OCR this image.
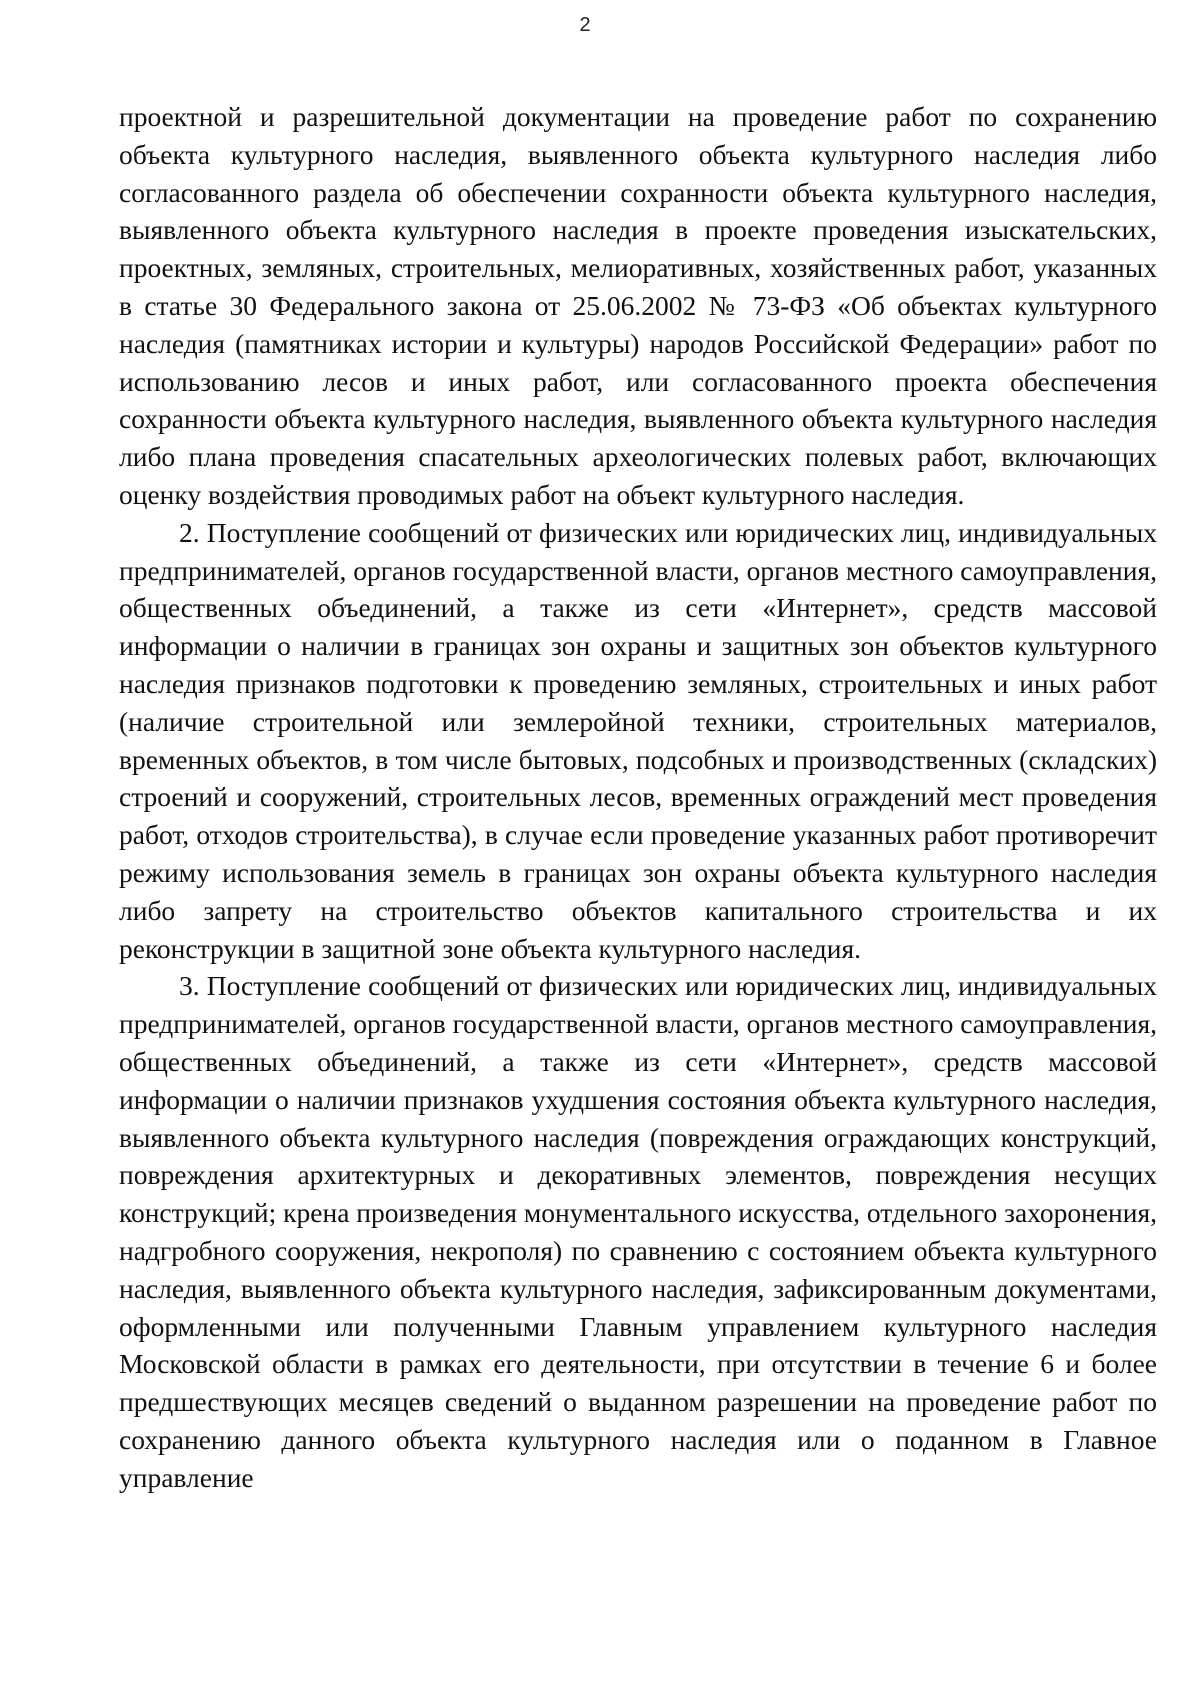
2

проектной и разрешительной документации на проведение работ по сохранению объекта культурного наследия, выявленного объекта культурного наследия либо согласованного раздела об обеспечении сохранности объекта культурного наследия, выявленного объекта культурного наследия в проекте проведения изыскательских, проектных, земляных, строительных, мелиоративных, хозяйственных работ, указанных в статье 30 Федерального закона от 25.06.2002 № 73-ФЗ «Об объектах культурного наследия (памятниках истории и культуры) народов Российской Федерации» работ по использованию лесов и иных работ, или согласованного проекта обеспечения сохранности объекта культурного наследия, выявленного объекта культурного наследия либо плана проведения спасательных археологических полевых работ, включающих оценку воздействия проводимых работ на объект культурного наследия.

2. Поступление сообщений от физических или юридических лиц, индивидуальных предпринимателей, органов государственной власти, органов местного самоуправления, общественных объединений, а также из сети «Интернет», средств массовой информации о наличии в границах зон охраны и защитных зон объектов культурного наследия признаков подготовки к проведению земляных, строительных и иных работ (наличие строительной или землеройной техники, строительных материалов, временных объектов, в том числе бытовых, подсобных и производственных (складских) строений и сооружений, строительных лесов, временных ограждений мест проведения работ, отходов строительства), в случае если проведение указанных работ противоречит режиму использования земель в границах зон охраны объекта культурного наследия либо запрету на строительство объектов капитального строительства и их реконструкции в защитной зоне объекта культурного наследия.

3. Поступление сообщений от физических или юридических лиц, индивидуальных предпринимателей, органов государственной власти, органов местного самоуправления, общественных объединений, а также из сети «Интернет», средств массовой информации о наличии признаков ухудшения состояния объекта культурного наследия, выявленного объекта культурного наследия (повреждения ограждающих конструкций, повреждения архитектурных и декоративных элементов, повреждения несущих конструкций; крена произведения монументального искусства, отдельного захоронения, надгробного сооружения, некрополя) по сравнению с состоянием объекта культурного наследия, выявленного объекта культурного наследия, зафиксированным документами, оформленными или полученными Главным управлением культурного наследия Московской области в рамках его деятельности, при отсутствии в течение 6 и более предшествующих месяцев сведений о выданном разрешении на проведение работ по сохранению данного объекта культурного наследия или о поданном в Главное управление
